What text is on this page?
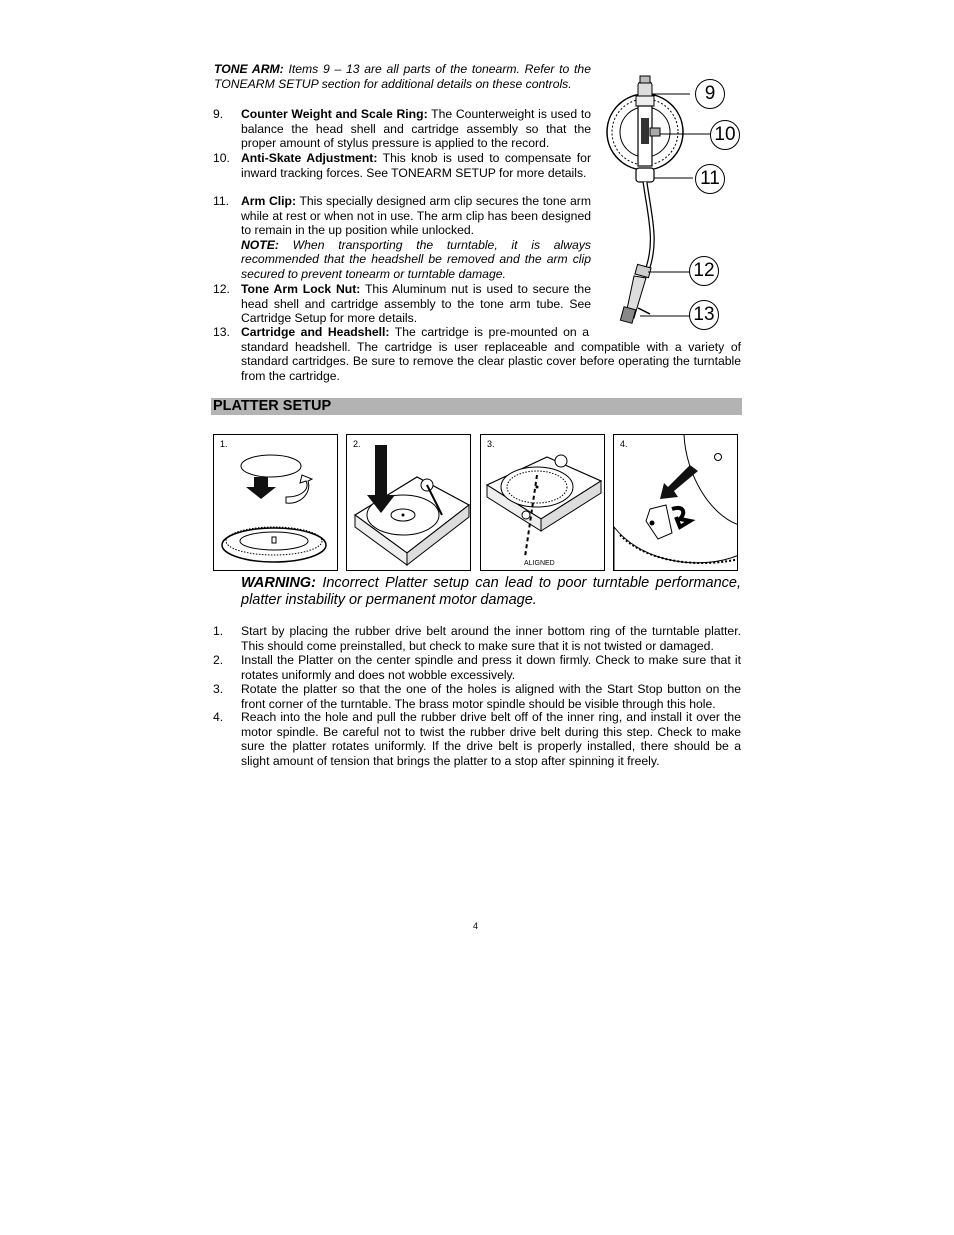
TONE ARM: Items 9 – 13 are all parts of the tonearm. Refer to the TONEARM SETUP section for additional details on these controls.
9. Counter Weight and Scale Ring: The Counterweight is used to balance the head shell and cartridge assembly so that the proper amount of stylus pressure is applied to the record.
10. Anti-Skate Adjustment: This knob is used to compensate for inward tracking forces. See TONEARM SETUP for more details.
11. Arm Clip: This specially designed arm clip secures the tone arm while at rest or when not in use. The arm clip has been designed to remain in the up position while unlocked.
NOTE: When transporting the turntable, it is always recommended that the headshell be removed and the arm clip secured to prevent tonearm or turntable damage.
12. Tone Arm Lock Nut: This Aluminum nut is used to secure the head shell and cartridge assembly to the tone arm tube. See Cartridge Setup for more details.
13. Cartridge and Headshell: The cartridge is pre-mounted on a standard headshell. The cartridge is user replaceable and compatible with a variety of standard cartridges. Be sure to remove the clear plastic cover before operating the turntable from the cartridge.
9
10
11
12
13
PLATTER SETUP
1.	2.	3.
ALIGNED
4.
WARNING: Incorrect Platter setup can lead to poor turntable performance, platter instability or permanent motor damage.
1. Start by placing the rubber drive belt around the inner bottom ring of the turntable platter. This should come preinstalled, but check to make sure that it is not twisted or damaged.
2. Install the Platter on the center spindle and press it down firmly. Check to make sure that it rotates uniformly and does not wobble excessively.
3. Rotate the platter so that the one of the holes is aligned with the Start Stop button on the front corner of the turntable. The brass motor spindle should be visible through this hole.
4. Reach into the hole and pull the rubber drive belt off of the inner ring, and install it over the motor spindle. Be careful not to twist the rubber drive belt during this step. Check to make sure the platter rotates uniformly. If the drive belt is properly installed, there should be a slight amount of tension that brings the platter to a stop after spinning it freely.
4
